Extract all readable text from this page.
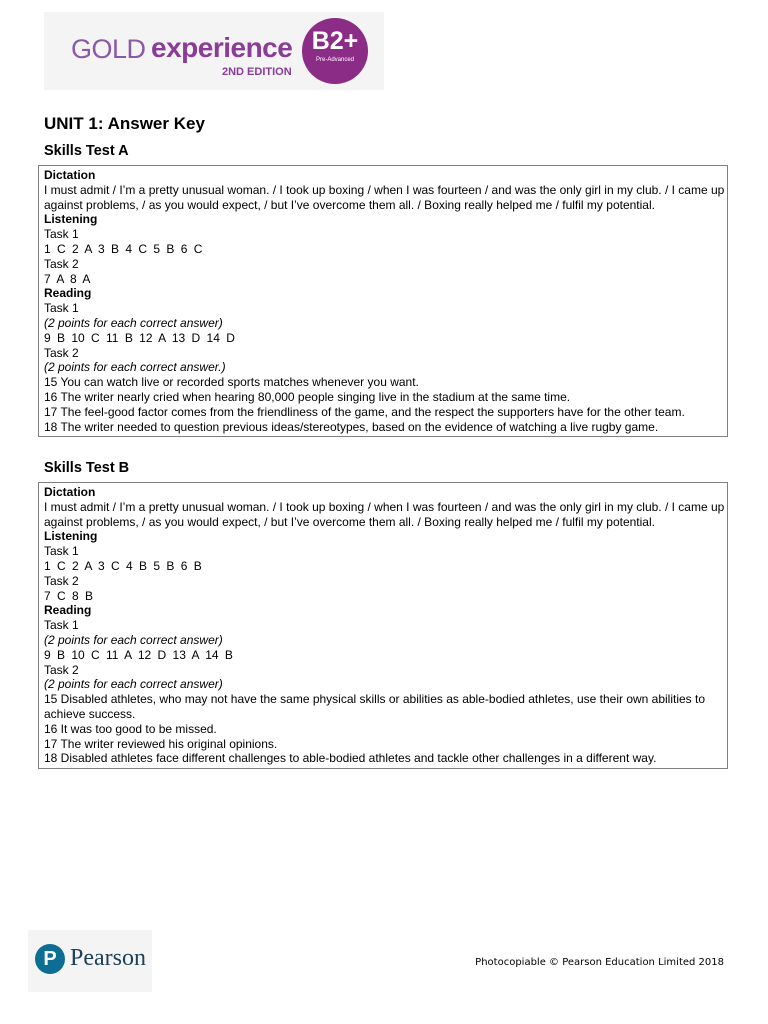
GOLD experience
2ND EDITION
B2+
Pre-Advanced
UNIT 1: Answer Key
Skills Test A
Dictation
I must admit / I’m a pretty unusual woman. / I took up boxing / when I was fourteen / and was the only girl in my club. / I came up against problems, / as you would expect, / but I’ve overcome them all. / Boxing really helped me / fulfil my potential.
Listening
Task 1
1 C 2 A 3 B 4 C 5 B 6 C
Task 2
7 A 8 A
Reading
Task 1
(2 points for each correct answer)
9 B 10 C 11 B 12 A 13 D 14 D
Task 2
(2 points for each correct answer.)
15 You can watch live or recorded sports matches whenever you want.
16 The writer nearly cried when hearing 80,000 people singing live in the stadium at the same time.
17 The feel-good factor comes from the friendliness of the game, and the respect the supporters have for the other team.
18 The writer needed to question previous ideas/stereotypes, based on the evidence of watching a live rugby game.
Skills Test B
Dictation
I must admit / I’m a pretty unusual woman. / I took up boxing / when I was fourteen / and was the only girl in my club. / I came up against problems, / as you would expect, / but I’ve overcome them all. / Boxing really helped me / fulfil my potential.
Listening
Task 1
1 C 2 A 3 C 4 B 5 B 6 B
Task 2
7 C 8 B
Reading
Task 1
(2 points for each correct answer)
9 B 10 C 11 A 12 D 13 A 14 B
Task 2
(2 points for each correct answer)
15 Disabled athletes, who may not have the same physical skills or abilities as able-bodied athletes, use their own abilities to achieve success.
16 It was too good to be missed.
17 The writer reviewed his original opinions.
18 Disabled athletes face different challenges to able-bodied athletes and tackle other challenges in a different way.
P Pearson	Photocopiable © Pearson Education Limited 2018
